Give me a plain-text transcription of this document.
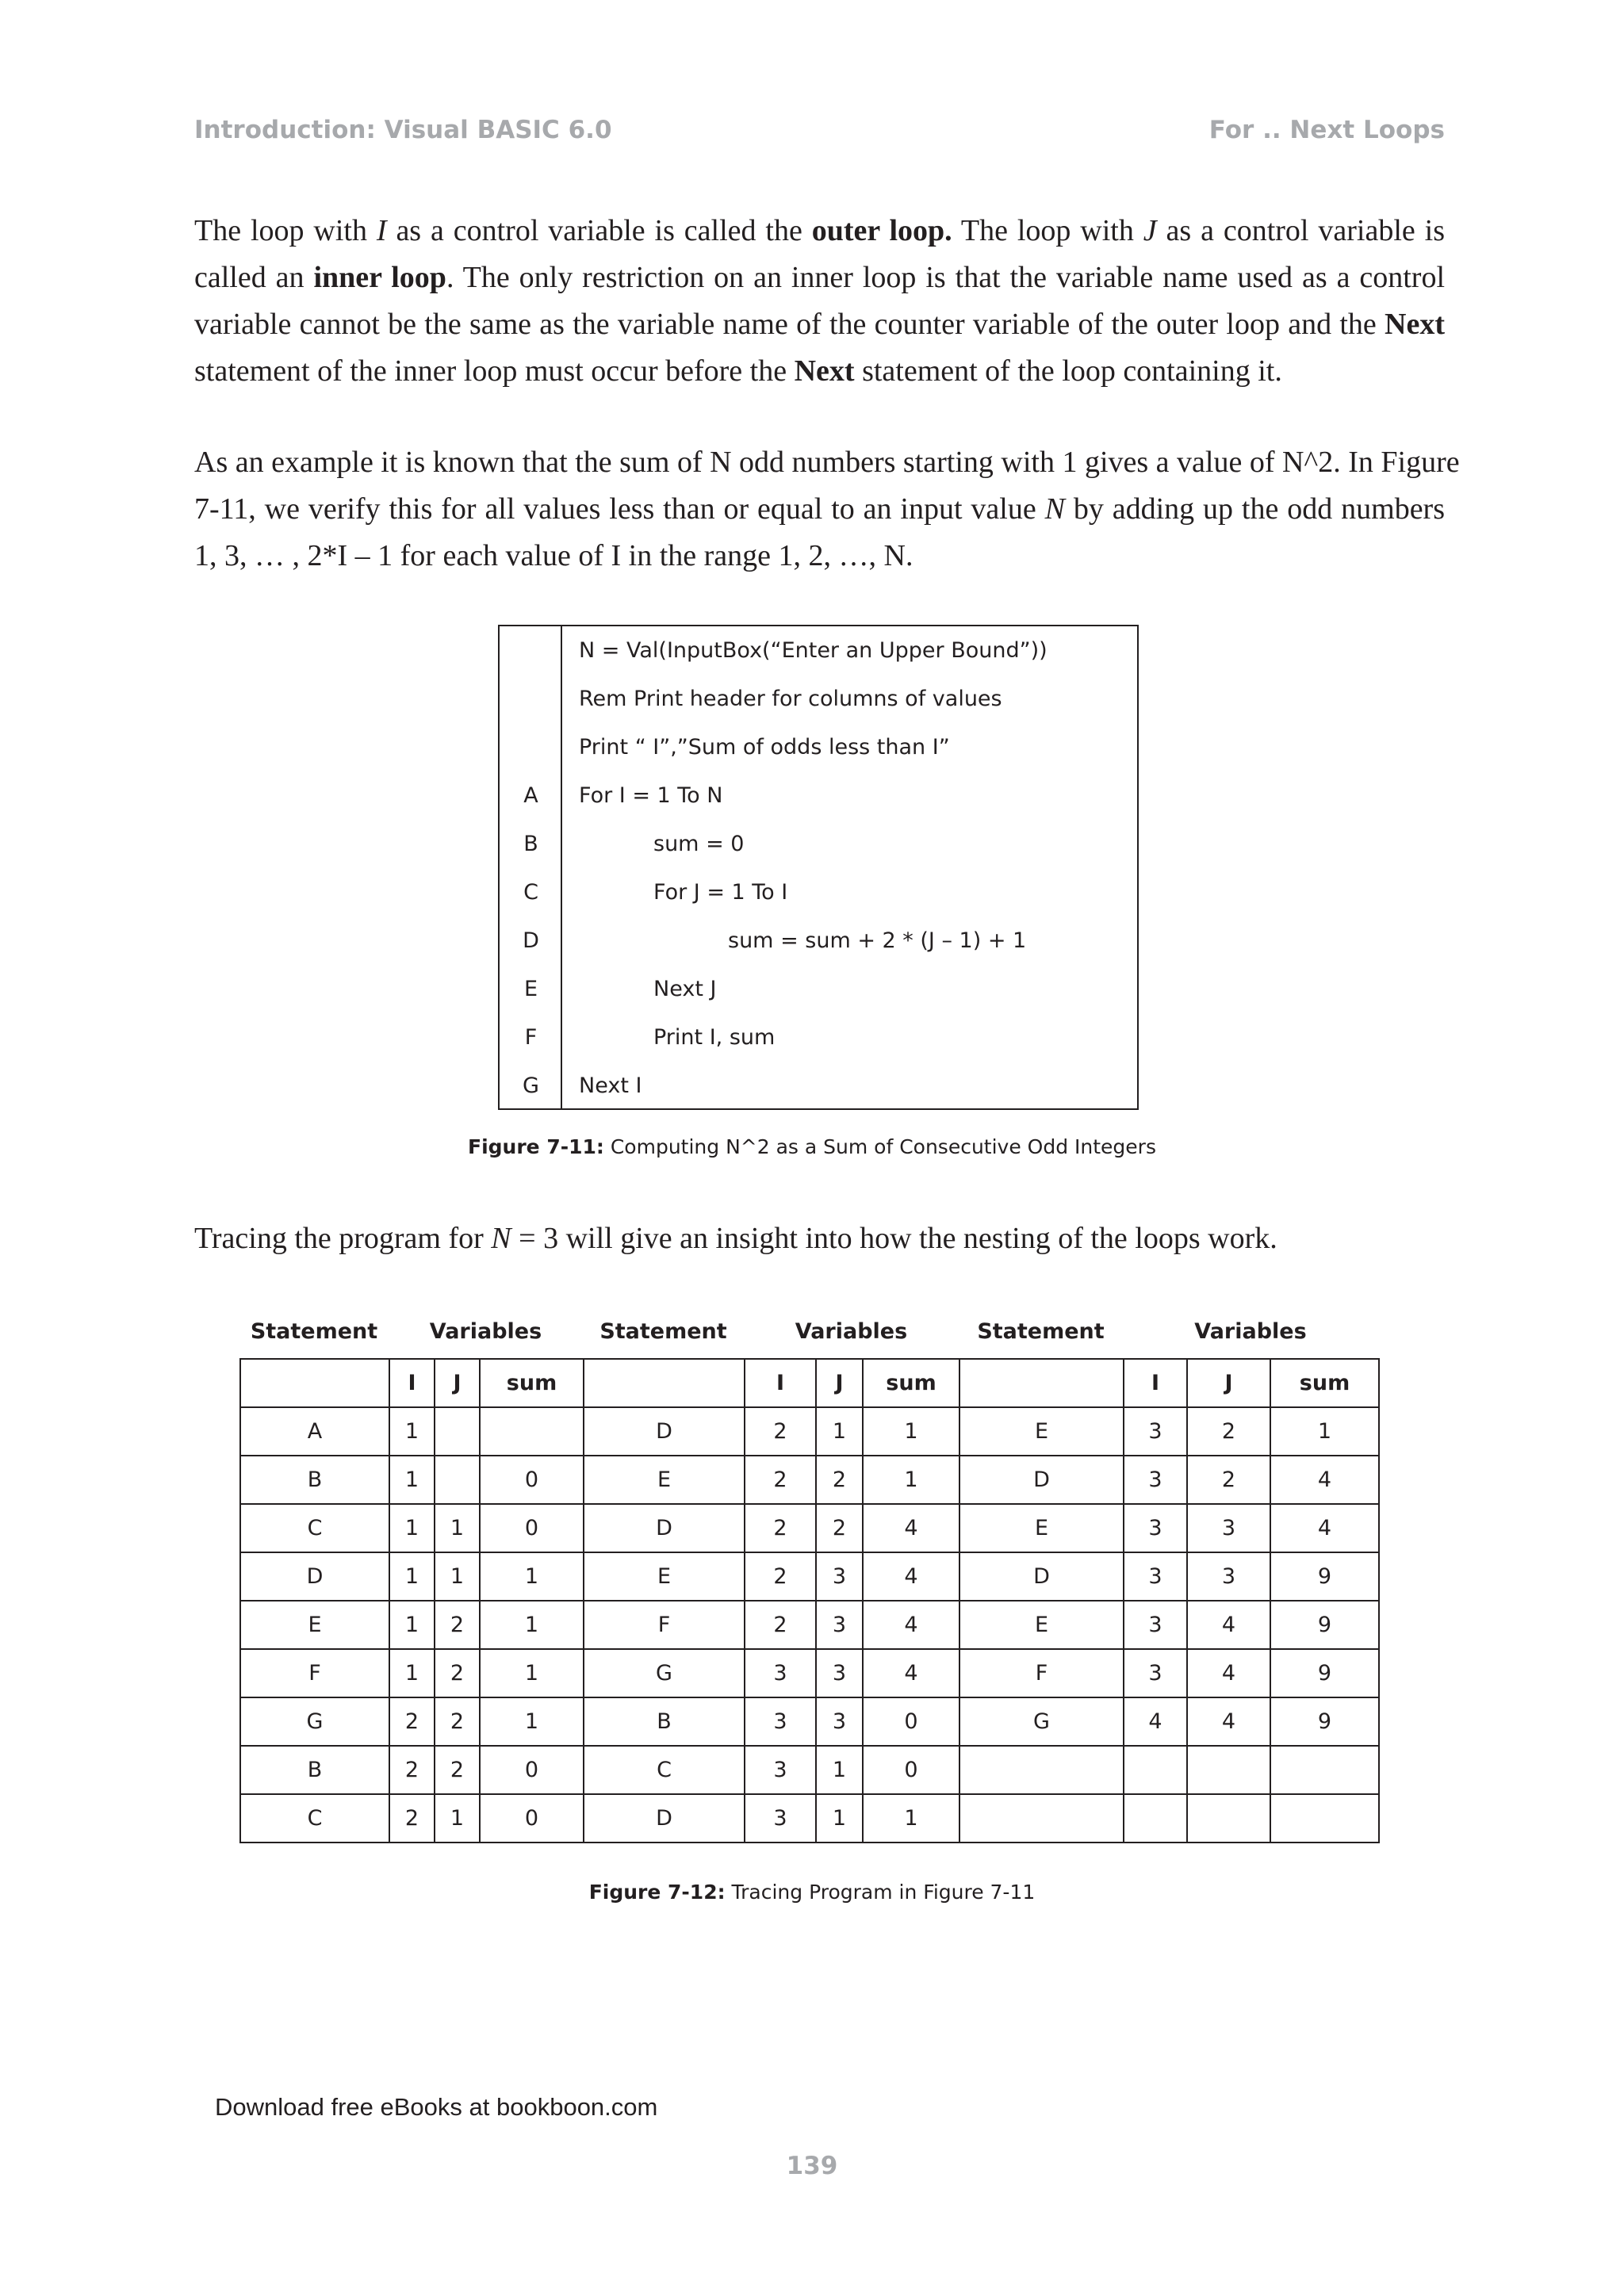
Introduction: Visual BASIC 6.0	For .. Next Loops
The loop with I as a control variable is called the outer loop. The loop with J as a control variable is
called an inner loop. The only restriction on an inner loop is that the variable name used as a control
variable cannot be the same as the variable name of the counter variable of the outer loop and the Next
statement of the inner loop must occur before the Next statement of the loop containing it.
As an example it is known that the sum of N odd numbers starting with 1 gives a value of N^2. In Figure
7-11, we verify this for all values less than or equal to an input value N by adding up the odd numbers
1, 3, … , 2*I – 1 for each value of I in the range 1, 2, …, N.
N = Val(InputBox(“Enter an Upper Bound”))
Rem Print header for columns of values
Print “ I”,”Sum of odds less than I”
A	For I = 1 To N
B	sum = 0
C	For J = 1 To I
D	sum = sum + 2 * (J – 1) + 1
E	Next J
F	Print I, sum
G	Next I
Figure 7-11: Computing N^2 as a Sum of Consecutive Odd Integers
Tracing the program for N = 3 will give an insight into how the nesting of the loops work.
Statement	Variables	Statement	Variables	Statement	Variables
	I	J	sum		I	J	sum		I	J	sum
A	1			D	2	1	1	E	3	2	1
B	1		0	E	2	2	1	D	3	2	4
C	1	1	0	D	2	2	4	E	3	3	4
D	1	1	1	E	2	3	4	D	3	3	9
E	1	2	1	F	2	3	4	E	3	4	9
F	1	2	1	G	3	3	4	F	3	4	9
G	2	2	1	B	3	3	0	G	4	4	9
B	2	2	0	C	3	1	0				
C	2	1	0	D	3	1	1				
Figure 7-12: Tracing Program in Figure 7-11
Download free eBooks at bookboon.com
139
